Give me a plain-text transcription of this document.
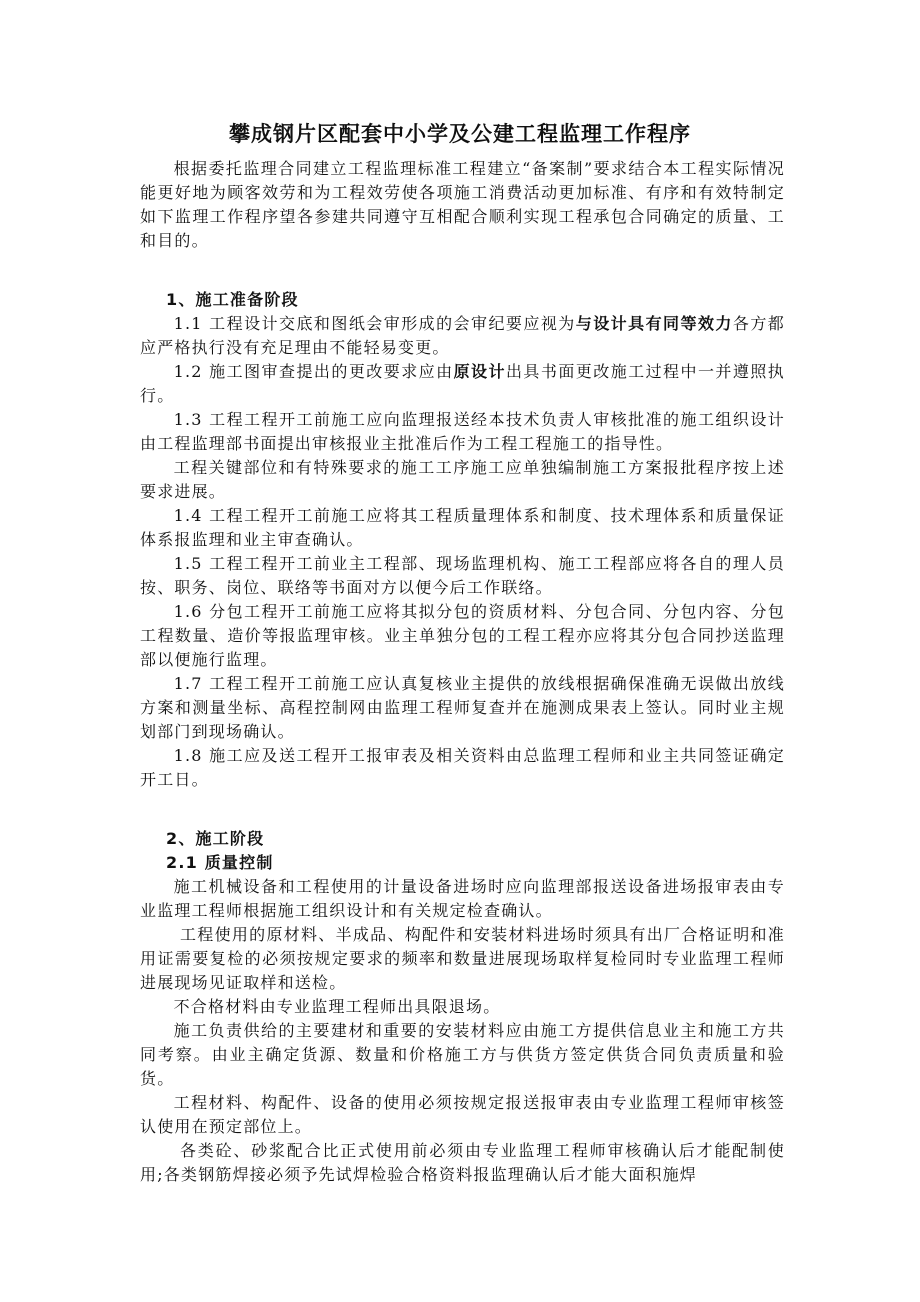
攀成钢片区配套中小学及公建工程监理工作程序

根据委托监理合同建立工程监理标准工程建立“备案制”要求结合本工程实际情况能更好地为顾客效劳和为工程效劳使各项施工消费活动更加标准、有序和有效特制定如下监理工作程序望各参建共同遵守互相配合顺利实现工程承包合同确定的质量、工和目的。

1、施工准备阶段

1.1 工程设计交底和图纸会审形成的会审纪要应视为与设计具有同等效力各方都应严格执行没有充足理由不能轻易变更。

1.2 施工图审查提出的更改要求应由原设计出具书面更改施工过程中一并遵照执行。

1.3 工程工程开工前施工应向监理报送经本技术负责人审核批准的施工组织设计由工程监理部书面提出审核报业主批准后作为工程工程施工的指导性。

工程关键部位和有特殊要求的施工工序施工应单独编制施工方案报批程序按上述要求进展。

1.4 工程工程开工前施工应将其工程质量理体系和制度、技术理体系和质量保证体系报监理和业主审查确认。

1.5 工程工程开工前业主工程部、现场监理机构、施工工程部应将各自的理人员按、职务、岗位、联络等书面对方以便今后工作联络。

1.6 分包工程开工前施工应将其拟分包的资质材料、分包合同、分包内容、分包工程数量、造价等报监理审核。业主单独分包的工程工程亦应将其分包合同抄送监理部以便施行监理。

1.7 工程工程开工前施工应认真复核业主提供的放线根据确保准确无误做出放线方案和测量坐标、高程控制网由监理工程师复查并在施测成果表上签认。同时业主规划部门到现场确认。

1.8 施工应及送工程开工报审表及相关资料由总监理工程师和业主共同签证确定开工日。

2、施工阶段

2.1 质量控制

施工机械设备和工程使用的计量设备进场时应向监理部报送设备进场报审表由专业监理工程师根据施工组织设计和有关规定检查确认。

工程使用的原材料、半成品、构配件和安装材料进场时须具有出厂合格证明和准用证需要复检的必须按规定要求的频率和数量进展现场取样复检同时专业监理工程师进展现场见证取样和送检。

不合格材料由专业监理工程师出具限退场。

施工负责供给的主要建材和重要的安装材料应由施工方提供信息业主和施工方共同考察。由业主确定货源、数量和价格施工方与供货方签定供货合同负责质量和验货。

工程材料、构配件、设备的使用必须按规定报送报审表由专业监理工程师审核签认使用在预定部位上。

各类砼、砂浆配合比正式使用前必须由专业监理工程师审核确认后才能配制使用;各类钢筋焊接必须予先试焊检验合格资料报监理确认后才能大面积施焊
